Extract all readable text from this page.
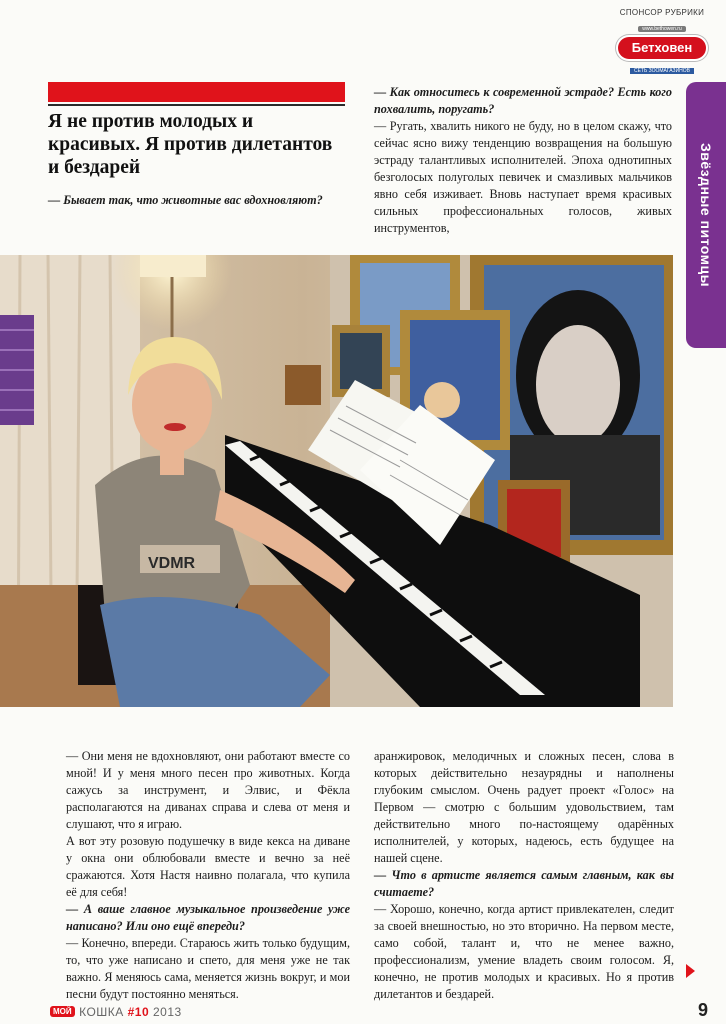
СПОНСОР РУБРИКИ
www.bethowen.ru
Бетховен
СЕТЬ ЗООМАГАЗИНОВ
Я не против молодых и красивых. Я против дилетантов и бездарей

— Бывает так, что животные вас вдохновляют?

— Как относитесь к современной эстраде? Есть кого похвалить, поругать?

— Ругать, хвалить никого не буду, но в целом скажу, что сейчас ясно вижу тенденцию возвращения на большую эстраду талантливых исполнителей. Эпоха однотипных безголосых полуголых певичек и смазливых мальчиков явно себя изживает. Вновь наступает время красивых сильных профессиональных голосов, живых инструментов,	Звёздные питомцы
VDMR

— Они меня не вдохновляют, они работают вместе со мной! И у меня много песен про животных. Когда сажусь за инструмент, и Элвис, и Фёкла располагаются на диванах справа и слева от меня и слушают, что я играю.

А вот эту розовую подушечку в виде кекса на диване у окна они облюбовали вместе и вечно за неё сражаются. Хотя Настя наивно полагала, что купила её для себя!

— А ваше главное музыкальное произведение уже написано? Или оно ещё впереди?

— Конечно, впереди. Стараюсь жить только будущим, то, что уже написано и спето, для меня уже не так важно. Я меняюсь сама, меняется жизнь вокруг, и мои песни будут постоянно меняться.

аранжировок, мелодичных и сложных песен, слова в которых действительно незаурядны и наполнены глубоким смыслом. Очень радует проект «Голос» на Первом — смотрю с большим удовольствием, там действительно много по-настоящему одарённых исполнителей, у которых, надеюсь, есть будущее на нашей сцене.

— Что в артисте является самым главным, как вы считаете?

— Хорошо, конечно, когда артист привлекателен, следит за своей внешностью, но это вторично. На первом месте, само собой, талант и, что не менее важно, профессионализм, умение владеть своим голосом. Я, конечно, не против молодых и красивых. Но я против дилетантов и бездарей.

МОЙ КОШКА #10 2013	9
